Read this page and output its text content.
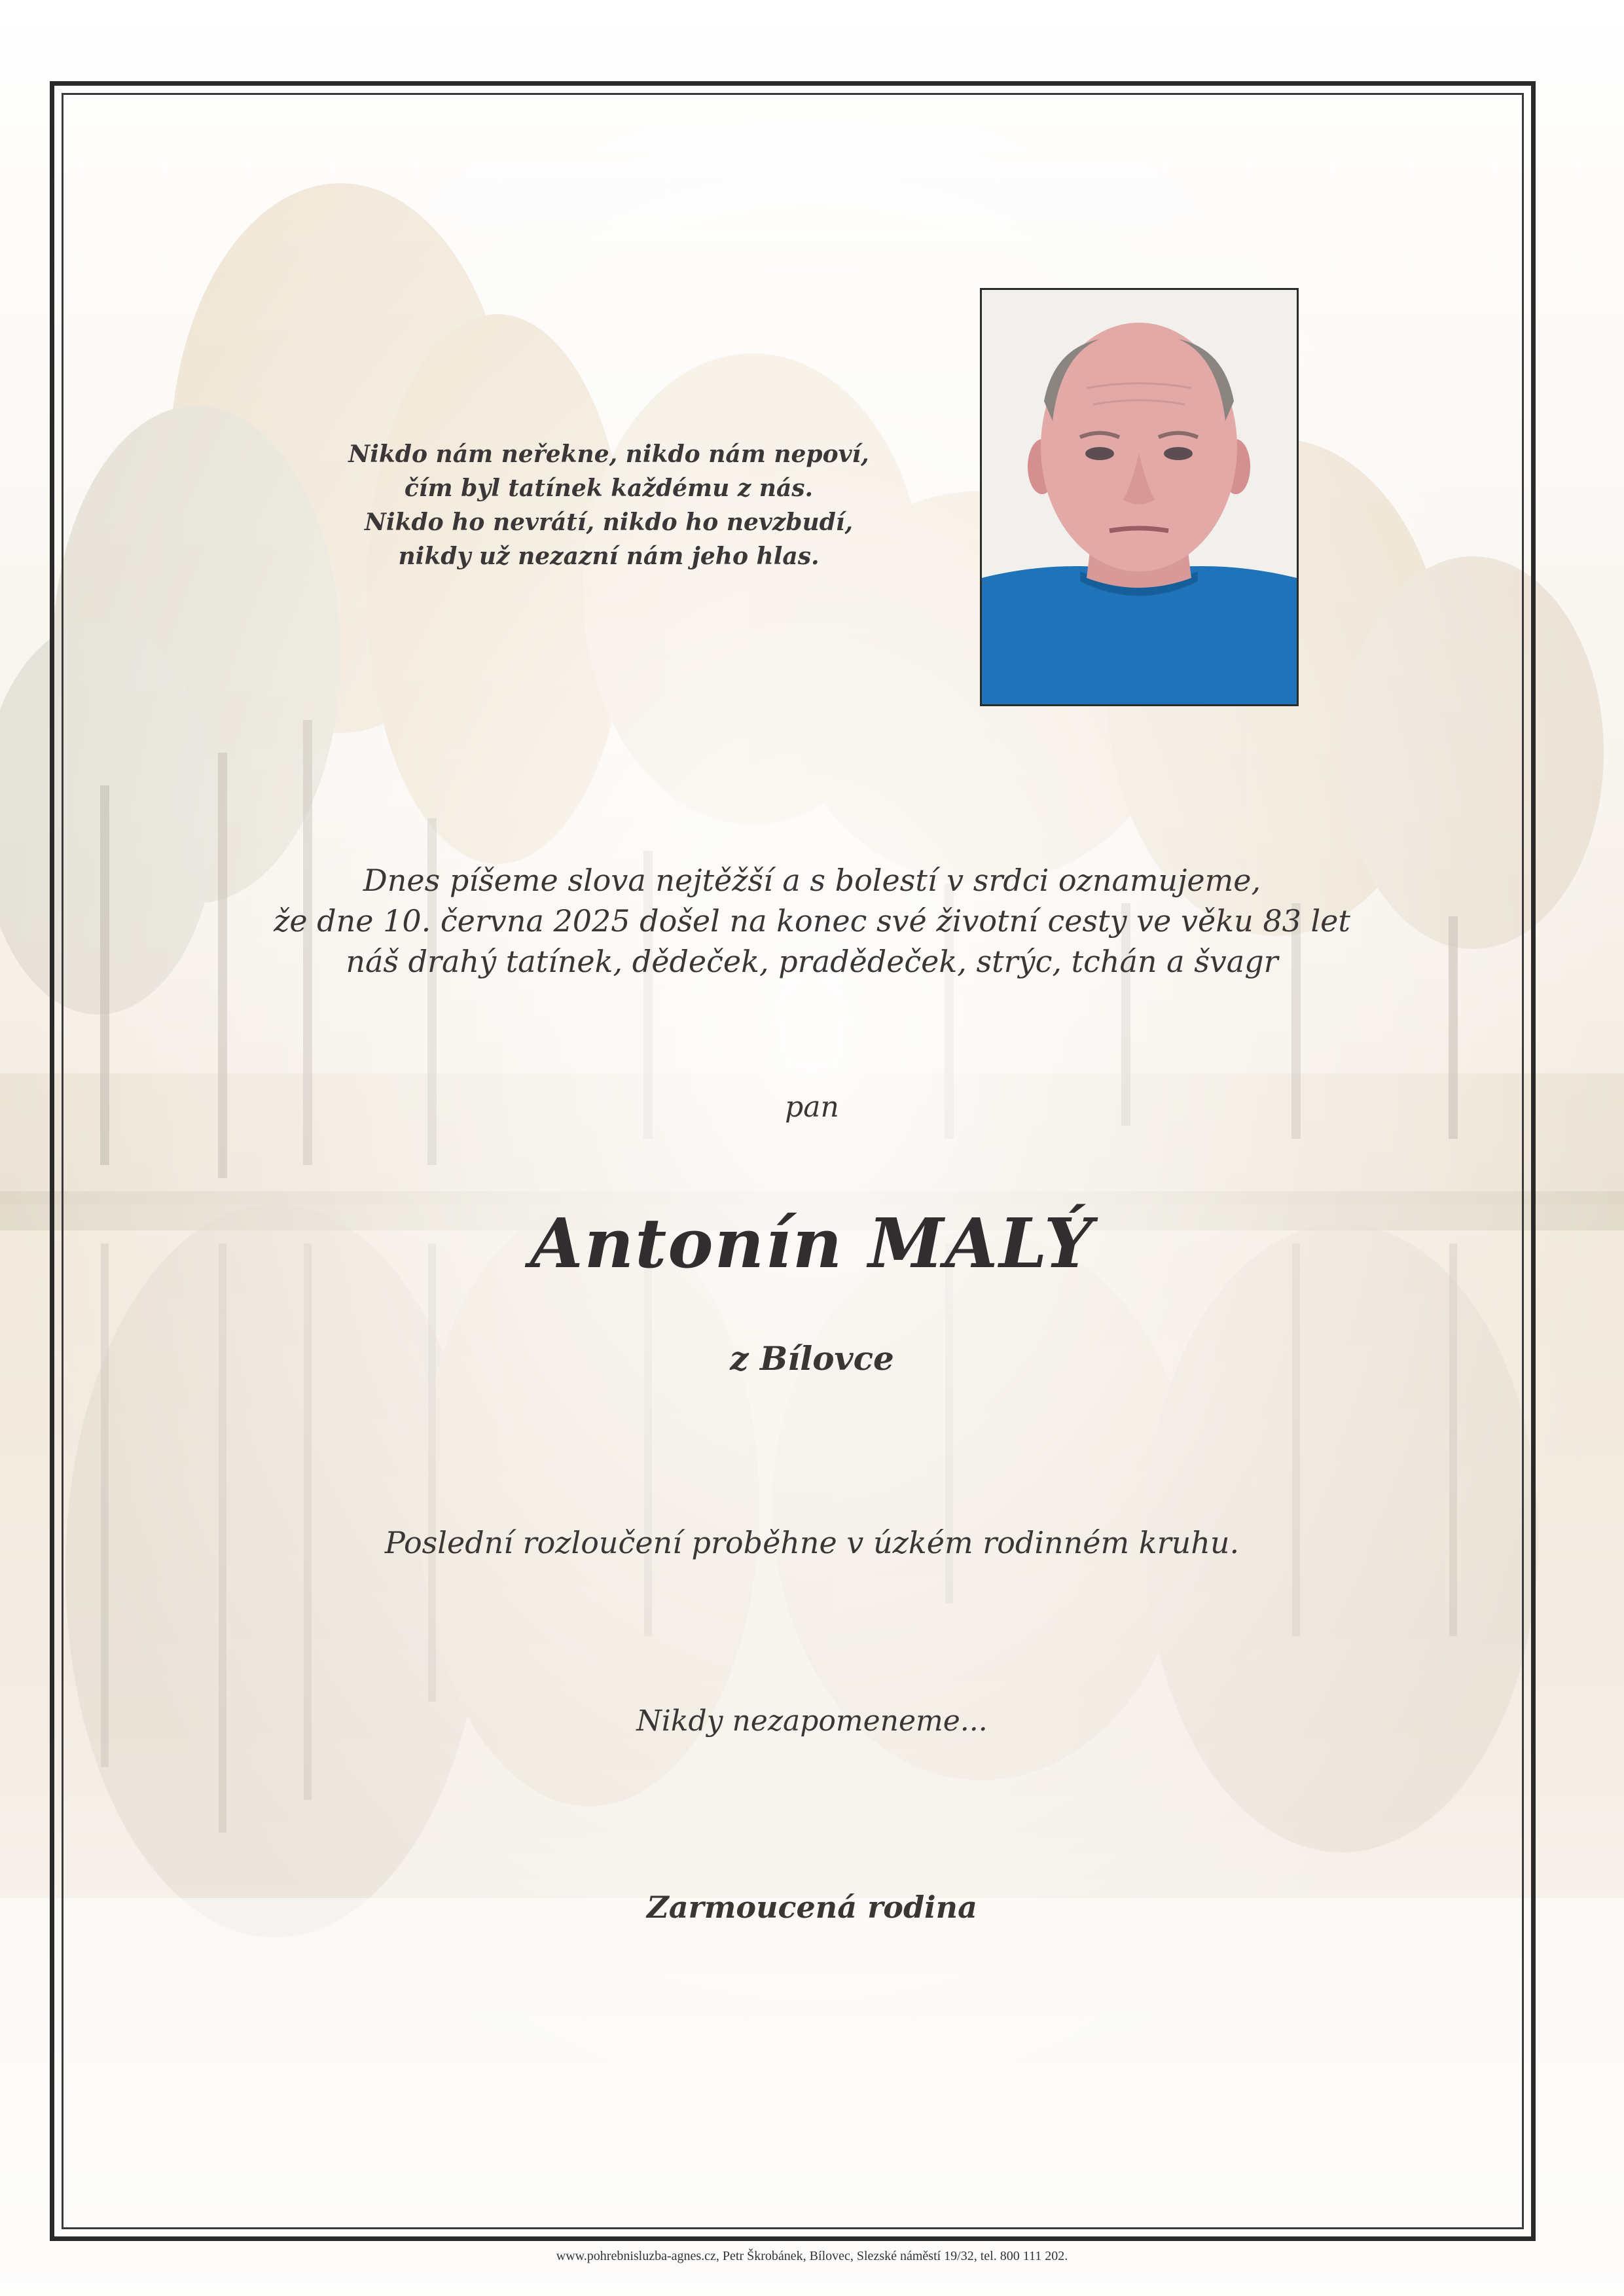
Nikdo nám neřekne, nikdo nám nepoví,
čím byl tatínek každému z nás.
Nikdo ho nevrátí, nikdo ho nevzbudí,
nikdy už nezazní nám jeho hlas.
Dnes píšeme slova nejtěžší a s bolestí v srdci oznamujeme,
že dne 10. června 2025 došel na konec své životní cesty ve věku 83 let
náš drahý tatínek, dědeček, pradědeček, strýc, tchán a švagr
pan
Antonín MALÝ
z Bílovce
Poslední rozloučení proběhne v úzkém rodinném kruhu.
Nikdy nezapomeneme...
Zarmoucená rodina
www.pohrebnisluzba-agnes.cz, Petr Škrobánek, Bílovec, Slezské náměstí 19/32, tel. 800 111 202.
